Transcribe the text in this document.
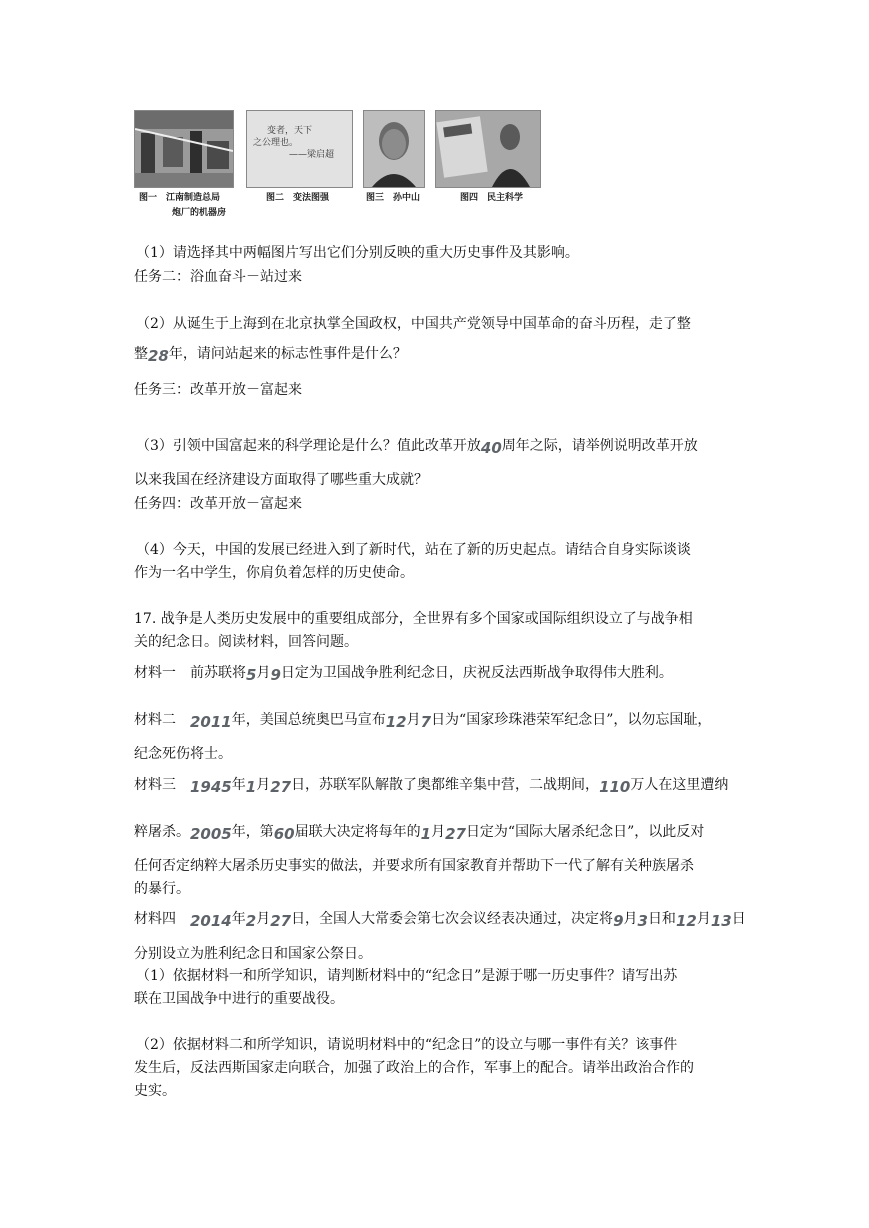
变者，天下
之公理也。
——梁启超
图一　江南制造总局
炮厂的机器房
图二　变法图强	图三　孙中山	图四　民主科学
（1）请选择其中两幅图片写出它们分别反映的重大历史事件及其影响。
任务二：浴血奋斗－站过来
（2）从诞生于上海到在北京执掌全国政权，中国共产党领导中国革命的奋斗历程，走了整
整28年，请问站起来的标志性事件是什么？
任务三：改革开放－富起来
（3）引领中国富起来的科学理论是什么？值此改革开放40周年之际，请举例说明改革开放
以来我国在经济建设方面取得了哪些重大成就？
任务四：改革开放－富起来
（4）今天，中国的发展已经进入到了新时代，站在了新的历史起点。请结合自身实际谈谈
作为一名中学生，你肩负着怎样的历史使命。
17. 战争是人类历史发展中的重要组成部分，全世界有多个国家或国际组织设立了与战争相
关的纪念日。阅读材料，回答问题。
材料一　前苏联将5月9日定为卫国战争胜利纪念日，庆祝反法西斯战争取得伟大胜利。
材料二　2011年，美国总统奥巴马宣布12月7日为“国家珍珠港荣军纪念日”，以勿忘国耻，
纪念死伤将士。
材料三　1945年1月27日，苏联军队解散了奥都维辛集中营，二战期间，110万人在这里遭纳
粹屠杀。2005年，第60届联大决定将每年的1月27日定为“国际大屠杀纪念日”，以此反对
任何否定纳粹大屠杀历史事实的做法，并要求所有国家教育并帮助下一代了解有关种族屠杀
的暴行。
材料四　2014年2月27日，全国人大常委会第七次会议经表决通过，决定将9月3日和12月13日
分别设立为胜利纪念日和国家公祭日。
（1）依据材料一和所学知识，请判断材料中的“纪念日”是源于哪一历史事件？请写出苏
联在卫国战争中进行的重要战役。
（2）依据材料二和所学知识，请说明材料中的“纪念日”的设立与哪一事件有关？该事件
发生后，反法西斯国家走向联合，加强了政治上的合作，军事上的配合。请举出政治合作的
史实。
